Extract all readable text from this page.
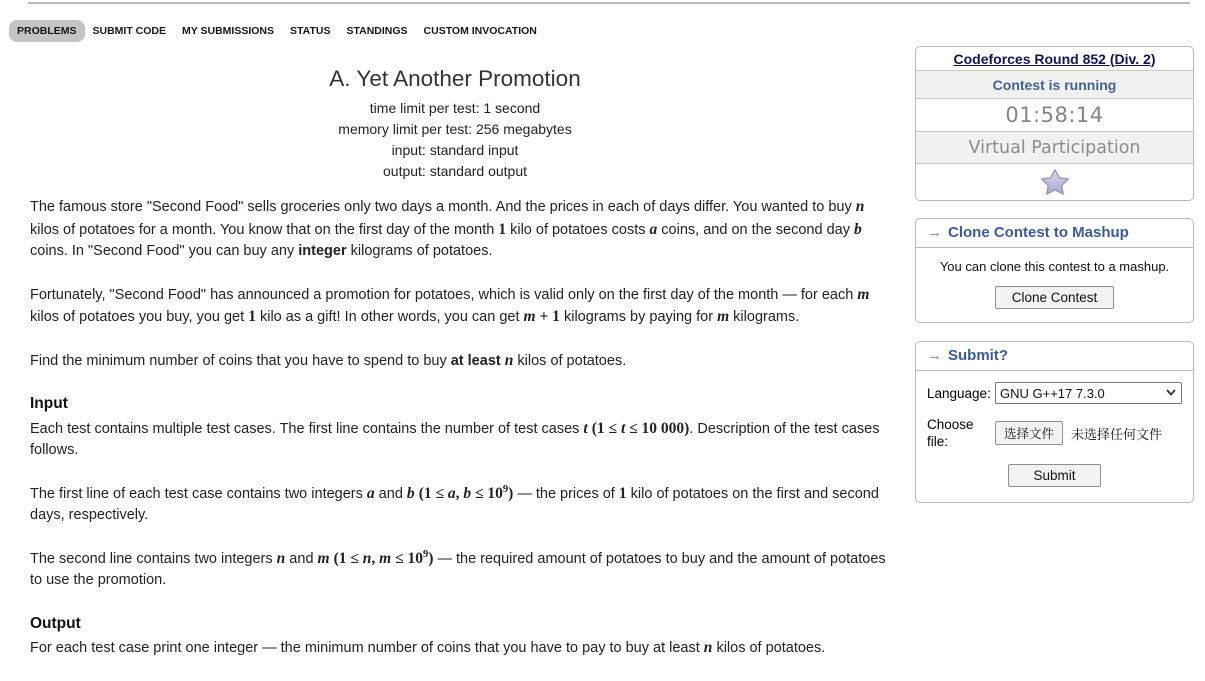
PROBLEMS	SUBMIT CODE	MY SUBMISSIONS	STATUS	STANDINGS	CUSTOM INVOCATION
A. Yet Another Promotion
time limit per test: 1 second
memory limit per test: 256 megabytes
input: standard input
output: standard output
The famous store "Second Food" sells groceries only two days a month. And the prices in each of days differ. You wanted to buy n kilos of potatoes for a month. You know that on the first day of the month 1 kilo of potatoes costs a coins, and on the second day b coins. In "Second Food" you can buy any integer kilograms of potatoes.
Fortunately, "Second Food" has announced a promotion for potatoes, which is valid only on the first day of the month — for each m kilos of potatoes you buy, you get 1 kilo as a gift! In other words, you can get m + 1 kilograms by paying for m kilograms.
Find the minimum number of coins that you have to spend to buy at least n kilos of potatoes.
Input
Each test contains multiple test cases. The first line contains the number of test cases t (1 ≤ t ≤ 10 000). Description of the test cases follows.
The first line of each test case contains two integers a and b (1 ≤ a, $b \le 10^9$) — the prices of 1 kilo of potatoes on the first and second days, respectively.
The second line contains two integers n and m (1 ≤ n, $m \le 10^9$) — the required amount of potatoes to buy and the amount of potatoes to use the promotion.
Output
For each test case print one integer — the minimum number of coins that you have to pay to buy at least n kilos of potatoes.
Codeforces Round 852 (Div. 2)
Contest is running
01:58:14
Virtual Participation
→ Clone Contest to Mashup
You can clone this contest to a mashup.
Clone Contest
→ Submit?
Language:
GNU G++17 7.3.0
Choose file:	选择文件	未选择任何文件
Submit
